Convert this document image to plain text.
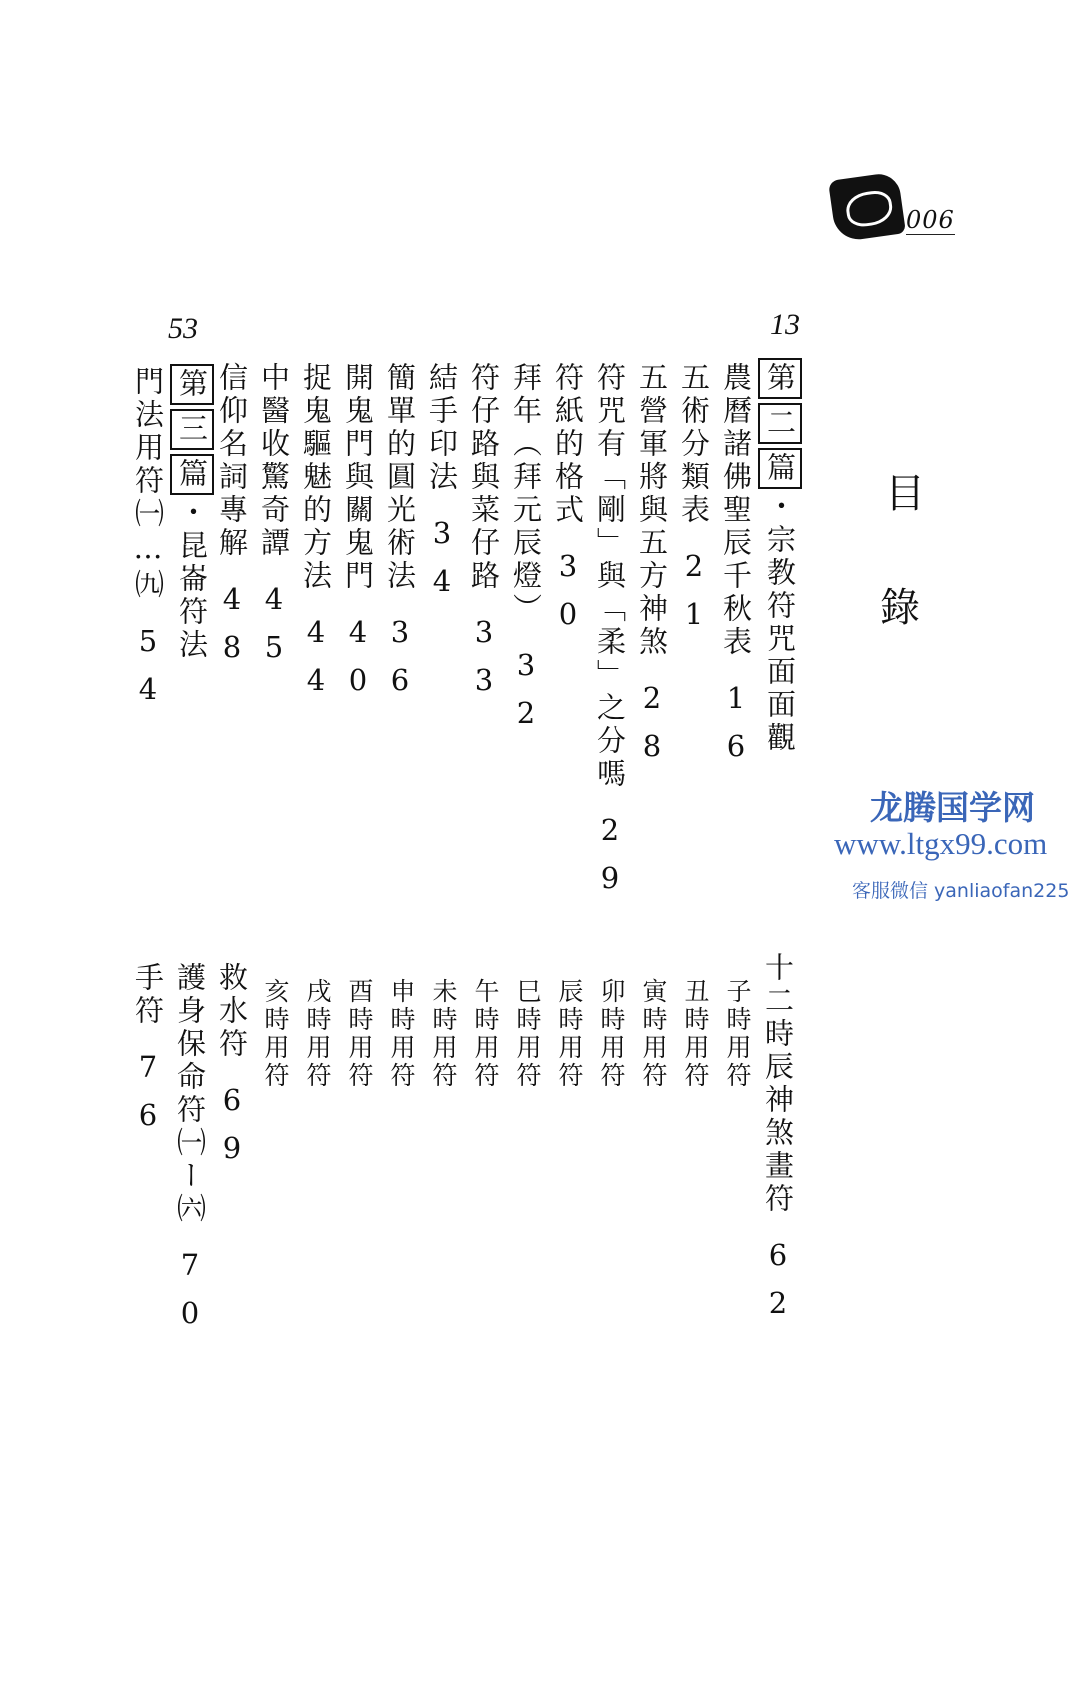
006
53	13
目
錄
第二篇・宗教符咒面面觀
農曆諸佛聖辰千秋表16
五術分類表21
五營軍將與五方神煞28
符咒有「剛」與「柔」之分嗎29
符紙的格式30
拜年（拜元辰燈）32
符仔路與菜仔路33
結手印法34
簡單的圓光術法36
開鬼門與關鬼門40
捉鬼驅魅的方法44
中醫收驚奇譚45
信仰名詞專解48
第三篇・昆崙符法
門法用符㈠…㈨54
十二時辰神煞畫符62
子時用符
丑時用符
寅時用符
卯時用符
辰時用符
巳時用符
午時用符
未時用符
申時用符
酉時用符
戌時用符
亥時用符
救水符69
護身保命符㈠ー㈥70
手符76
龙腾国学网
www.ltgx99.com
客服微信 yanliaofan225
